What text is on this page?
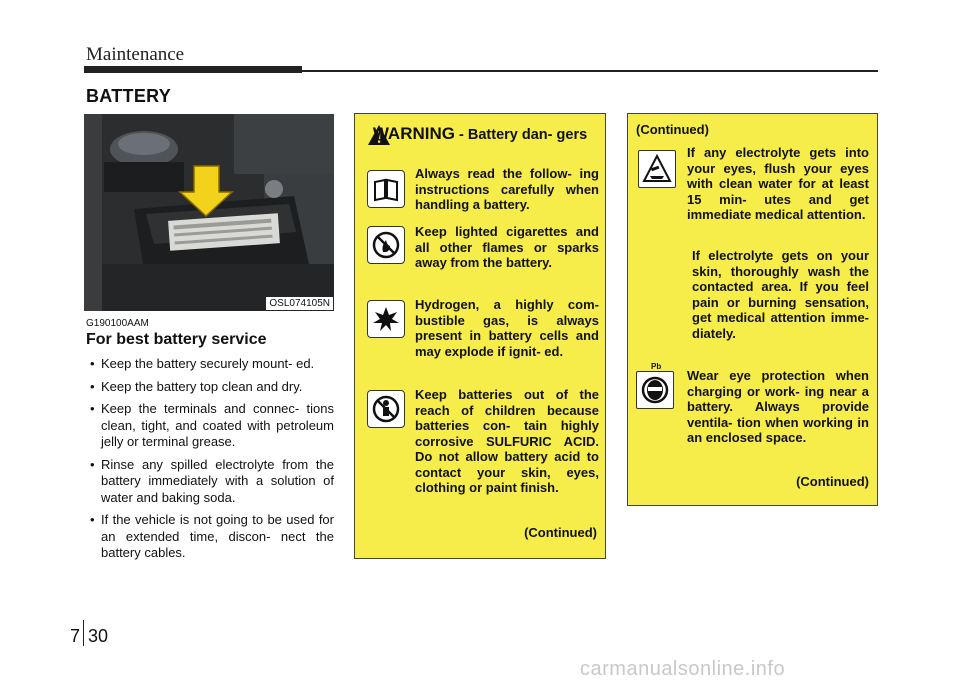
Maintenance
BATTERY
OSL074105N
G190100AAM
For best battery service
• Keep the battery securely mount- ed.
• Keep the battery top clean and dry.
• Keep the terminals and connec- tions clean, tight, and coated with petroleum jelly or terminal grease.
• Rinse any spilled electrolyte from the battery immediately with a solution of water and baking soda.
• If the vehicle is not going to be used for an extended time, discon- nect the battery cables.
WARNING - Battery dan- gers

Always read the follow- ing instructions carefully when handling a battery.

Keep lighted cigarettes and all other flames or sparks away from the battery.

Hydrogen, a highly com- bustible gas, is always present in battery cells and may explode if ignit- ed.

Keep batteries out of the reach of children because batteries con- tain highly corrosive SULFURIC ACID. Do not allow battery acid to contact your skin, eyes, clothing or paint finish.

(Continued)
(Continued)

If any electrolyte gets into your eyes, flush your eyes with clean water for at least 15 min- utes and get immediate medical attention.

If electrolyte gets on your skin, thoroughly wash the contacted area. If you feel pain or burning sensation, get medical attention imme- diately.

Pb

Wear eye protection when charging or work- ing near a battery. Always provide ventila- tion when working in an enclosed space.

(Continued)
7 30
carmanualsonline.info
